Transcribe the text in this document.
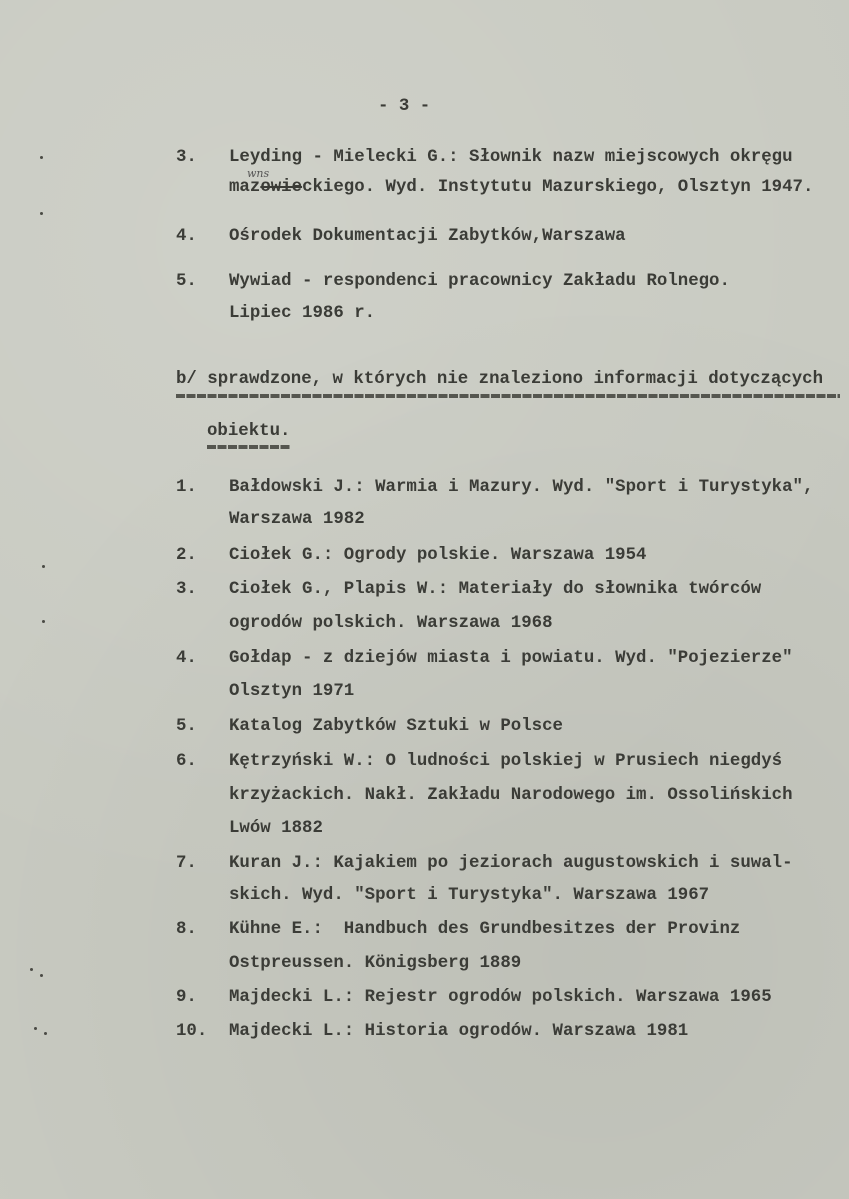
- 3 -
3. Leyding - Mielecki G.: Słownik nazw miejscowych okręgu
mazowieckiego. Wyd. Instytutu Mazurskiego, Olsztyn 1947.
wns
4. Ośrodek Dokumentacji Zabytków,Warszawa
5. Wywiad - respondenci pracownicy Zakładu Rolnego.
Lipiec 1986 r.
b/ sprawdzone, w których nie znaleziono informacji dotyczących
obiektu.
1. Bałdowski J.: Warmia i Mazury. Wyd. "Sport i Turystyka",
Warszawa 1982
2. Ciołek G.: Ogrody polskie. Warszawa 1954
3. Ciołek G., Plapis W.: Materiały do słownika twórców
ogrodów polskich. Warszawa 1968
4. Gołdap - z dziejów miasta i powiatu. Wyd. "Pojezierze"
Olsztyn 1971
5. Katalog Zabytków Sztuki w Polsce
6. Kętrzyński W.: O ludności polskiej w Prusiech niegdyś
krzyżackich. Nakł. Zakładu Narodowego im. Ossolińskich
Lwów 1882
7. Kuran J.: Kajakiem po jeziorach augustowskich i suwal-
skich. Wyd. "Sport i Turystyka". Warszawa 1967
8. Kühne E.:  Handbuch des Grundbesitzes der Provinz
Ostpreussen. Königsberg 1889
9. Majdecki L.: Rejestr ogrodów polskich. Warszawa 1965
10. Majdecki L.: Historia ogrodów. Warszawa 1981
